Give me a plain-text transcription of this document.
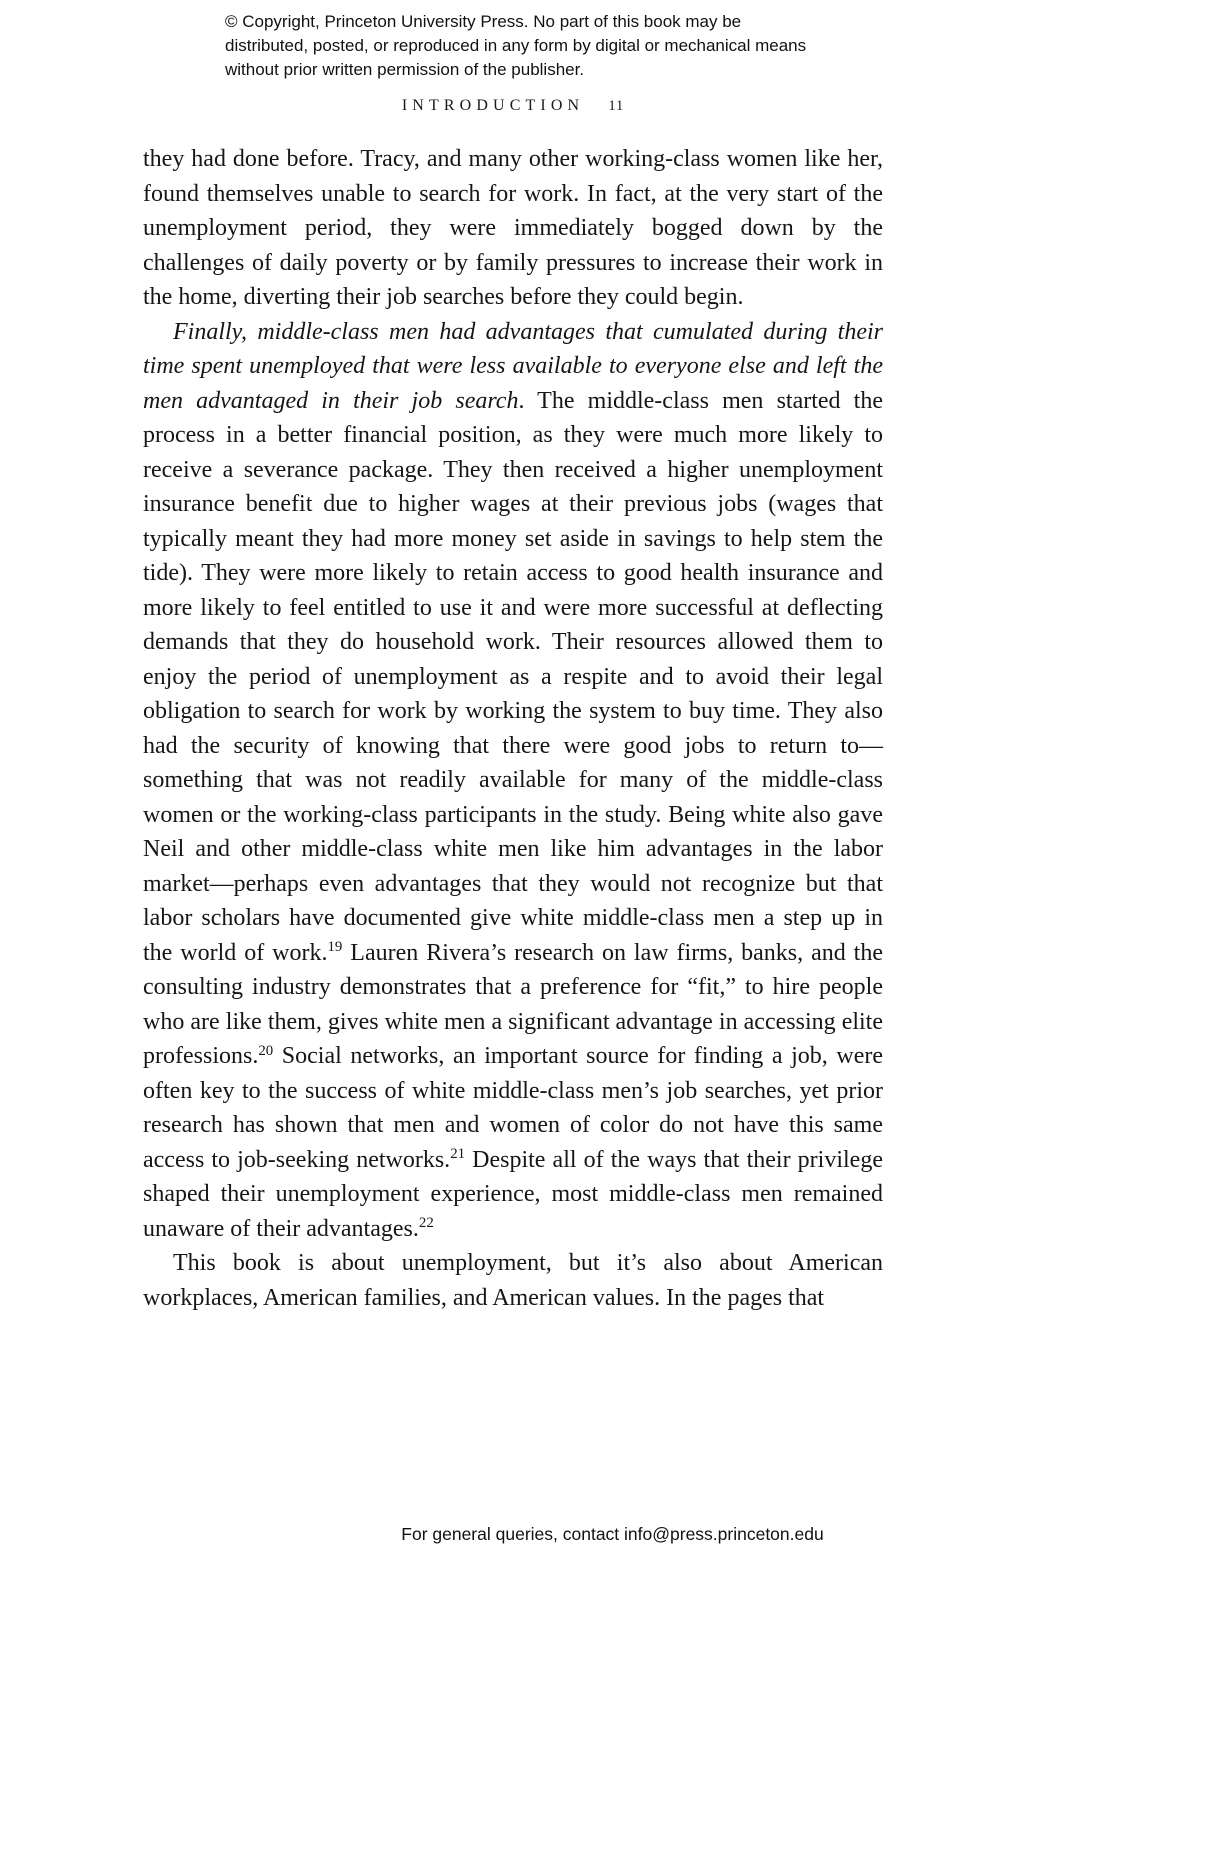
© Copyright, Princeton University Press. No part of this book may be distributed, posted, or reproduced in any form by digital or mechanical means without prior written permission of the publisher.
INTRODUCTION 11

they had done before. Tracy, and many other working-class women like her, found themselves unable to search for work. In fact, at the very start of the unemployment period, they were immediately bogged down by the challenges of daily poverty or by family pressures to increase their work in the home, diverting their job searches before they could begin.

Finally, middle-class men had advantages that cumulated during their time spent unemployed that were less available to everyone else and left the men advantaged in their job search. The middle-class men started the process in a better financial position, as they were much more likely to receive a severance package. They then received a higher unemployment insurance benefit due to higher wages at their previous jobs (wages that typically meant they had more money set aside in savings to help stem the tide). They were more likely to retain access to good health insurance and more likely to feel entitled to use it and were more successful at deflecting demands that they do household work. Their resources allowed them to enjoy the period of unemployment as a respite and to avoid their legal obligation to search for work by working the system to buy time. They also had the security of knowing that there were good jobs to return to—something that was not readily available for many of the middle-class women or the working-class participants in the study. Being white also gave Neil and other middle-class white men like him advantages in the labor market—perhaps even advantages that they would not recognize but that labor scholars have documented give white middle-class men a step up in the world of work.$^{19}$ Lauren Rivera’s research on law firms, banks, and the consulting industry demonstrates that a preference for “fit,” to hire people who are like them, gives white men a significant advantage in accessing elite professions.$^{20}$ Social networks, an important source for finding a job, were often key to the success of white middle-class men’s job searches, yet prior research has shown that men and women of color do not have this same access to job-seeking networks.$^{21}$ Despite all of the ways that their privilege shaped their unemployment experience, most middle-class men remained unaware of their advantages.$^{22}$

This book is about unemployment, but it’s also about American workplaces, American families, and American values. In the pages that

For general queries, contact info@press.princeton.edu
